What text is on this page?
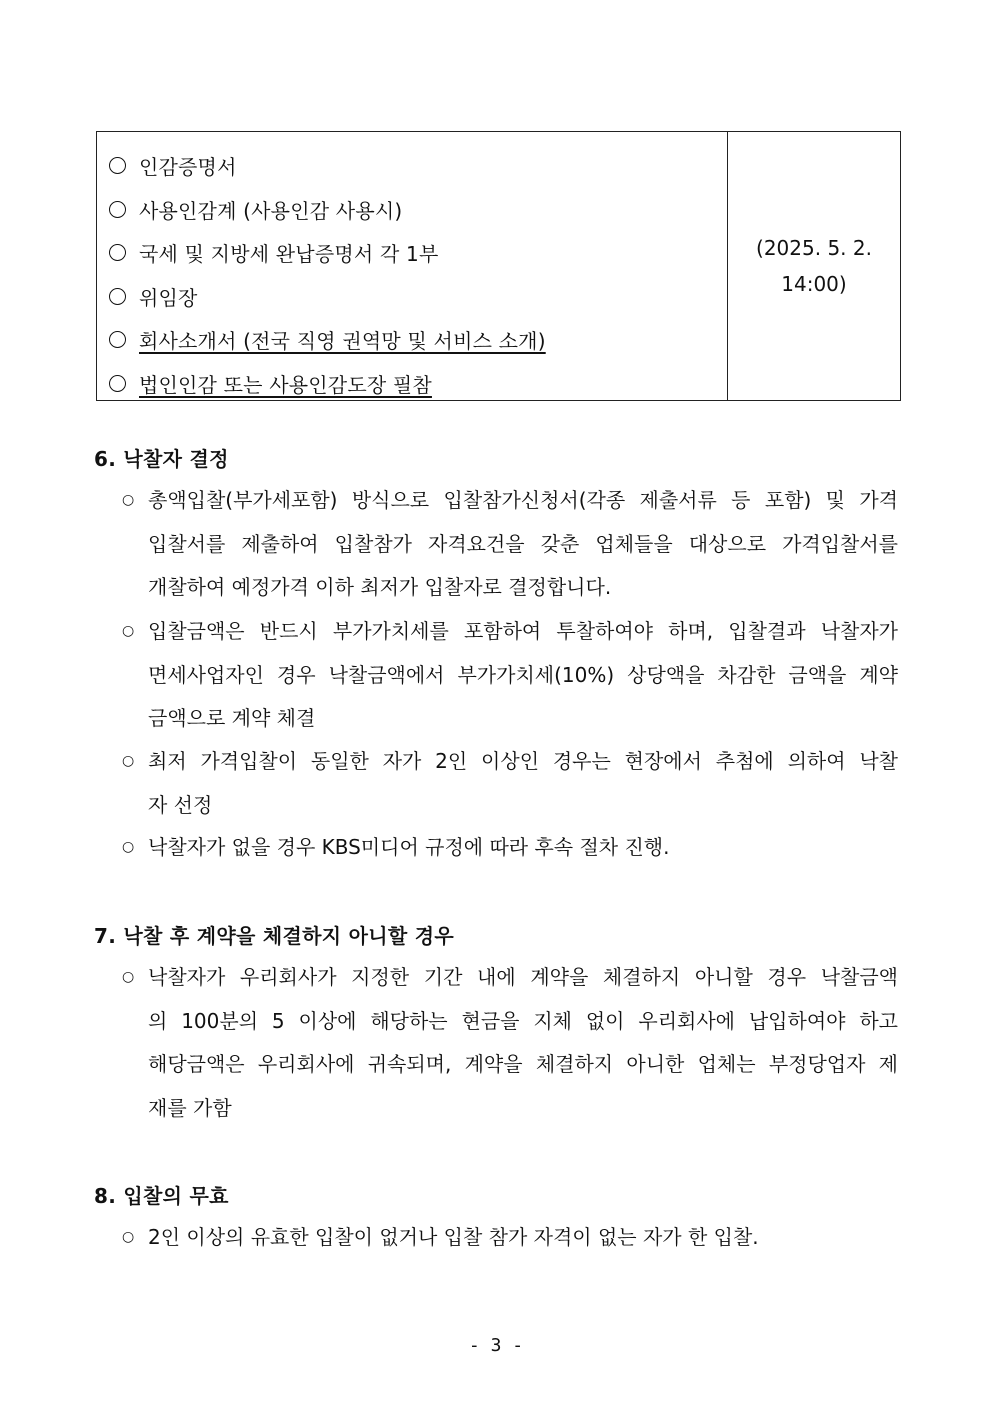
인감증명서
사용인감계 (사용인감 사용시)
국세 및 지방세 완납증명서 각 1부
위임장
회사소개서 (전국 직영 권역망 및 서비스 소개)
법인인감 또는 사용인감도장 필참
(2025. 5. 2.
14:00)
6. 낙찰자 결정
○ 총액입찰(부가세포함) 방식으로 입찰참가신청서(각종 제출서류 등 포함) 및 가격
입찰서를 제출하여 입찰참가 자격요건을 갖춘 업체들을 대상으로 가격입찰서를
개찰하여 예정가격 이하 최저가 입찰자로 결정합니다.
○ 입찰금액은 반드시 부가가치세를 포함하여 투찰하여야 하며, 입찰결과 낙찰자가
면세사업자인 경우 낙찰금액에서 부가가치세(10%) 상당액을 차감한 금액을 계약
금액으로 계약 체결
○ 최저 가격입찰이 동일한 자가 2인 이상인 경우는 현장에서 추첨에 의하여 낙찰
자 선정
○ 낙찰자가 없을 경우 KBS미디어 규정에 따라 후속 절차 진행.
7. 낙찰 후 계약을 체결하지 아니할 경우
○ 낙찰자가 우리회사가 지정한 기간 내에 계약을 체결하지 아니할 경우 낙찰금액
의 100분의 5 이상에 해당하는 현금을 지체 없이 우리회사에 납입하여야 하고
해당금액은 우리회사에 귀속되며, 계약을 체결하지 아니한 업체는 부정당업자 제
재를 가함
8. 입찰의 무효
○ 2인 이상의 유효한 입찰이 없거나 입찰 참가 자격이 없는 자가 한 입찰.
- 3 -
